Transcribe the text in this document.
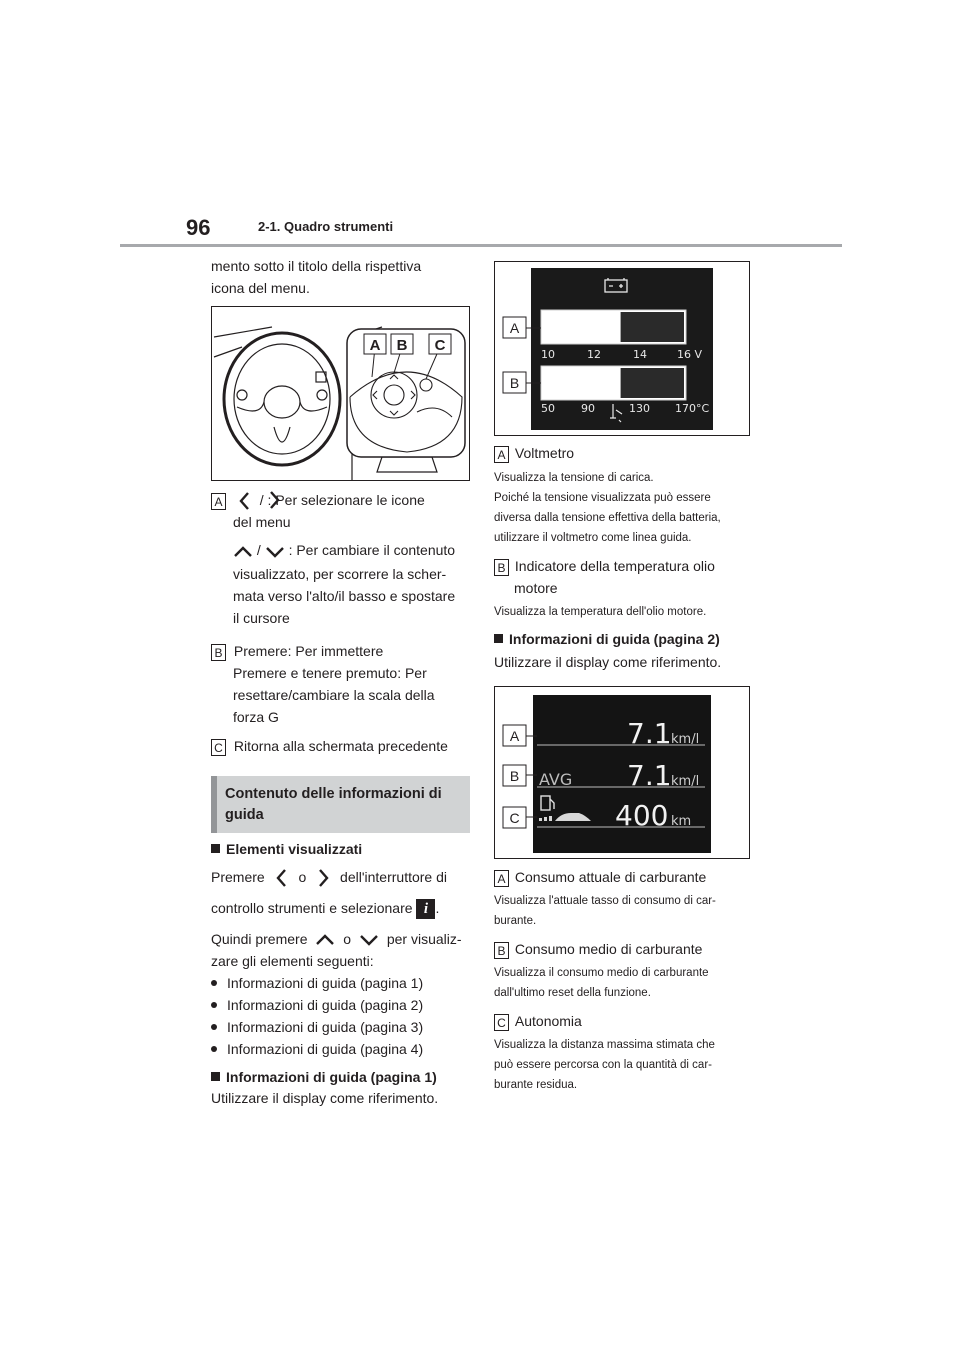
96	2-1. Quadro strumenti
mento sotto il titolo della rispettiva
icona del menu.
A B C
A	/ : Per selezionare le icone
del menu
/ : Per cambiare il contenuto
visualizzato, per scorrere la scher-
mata verso l'alto/il basso e spostare
il cursore
B Premere: Per immettere
Premere e tenere premuto: Per
resettare/cambiare la scala della
forza G
C Ritorna alla schermata precedente
Contenuto delle informazioni di guida
Elementi visualizzati
Premere o dell'interruttore di
controllo strumenti e selezionare i .
Quindi premere	o	per visualiz-
zare gli elementi seguenti:
Informazioni di guida (pagina 1)
Informazioni di guida (pagina 2)
Informazioni di guida (pagina 3)
Informazioni di guida (pagina 4)
Informazioni di guida (pagina 1)
Utilizzare il display come riferimento.
10	12	14	16 V
50 90	130 170°C
A
B
A Voltmetro
Visualizza la tensione di carica.
Poiché la tensione visualizzata può essere
diversa dalla tensione effettiva della batteria,
utilizzare il voltmetro come linea guida.
B Indicatore della temperatura olio
motore
Visualizza la temperatura dell'olio motore.
Informazioni di guida (pagina 2)
Utilizzare il display come riferimento.
7.1 km/l
AVG 7.1 km/l
400 km
A
B
C
A Consumo attuale di carburante
Visualizza l'attuale tasso di consumo di car-
burante.
B Consumo medio di carburante
Visualizza il consumo medio di carburante
dall'ultimo reset della funzione.
C Autonomia
Visualizza la distanza massima stimata che
può essere percorsa con la quantità di car-
burante residua.
